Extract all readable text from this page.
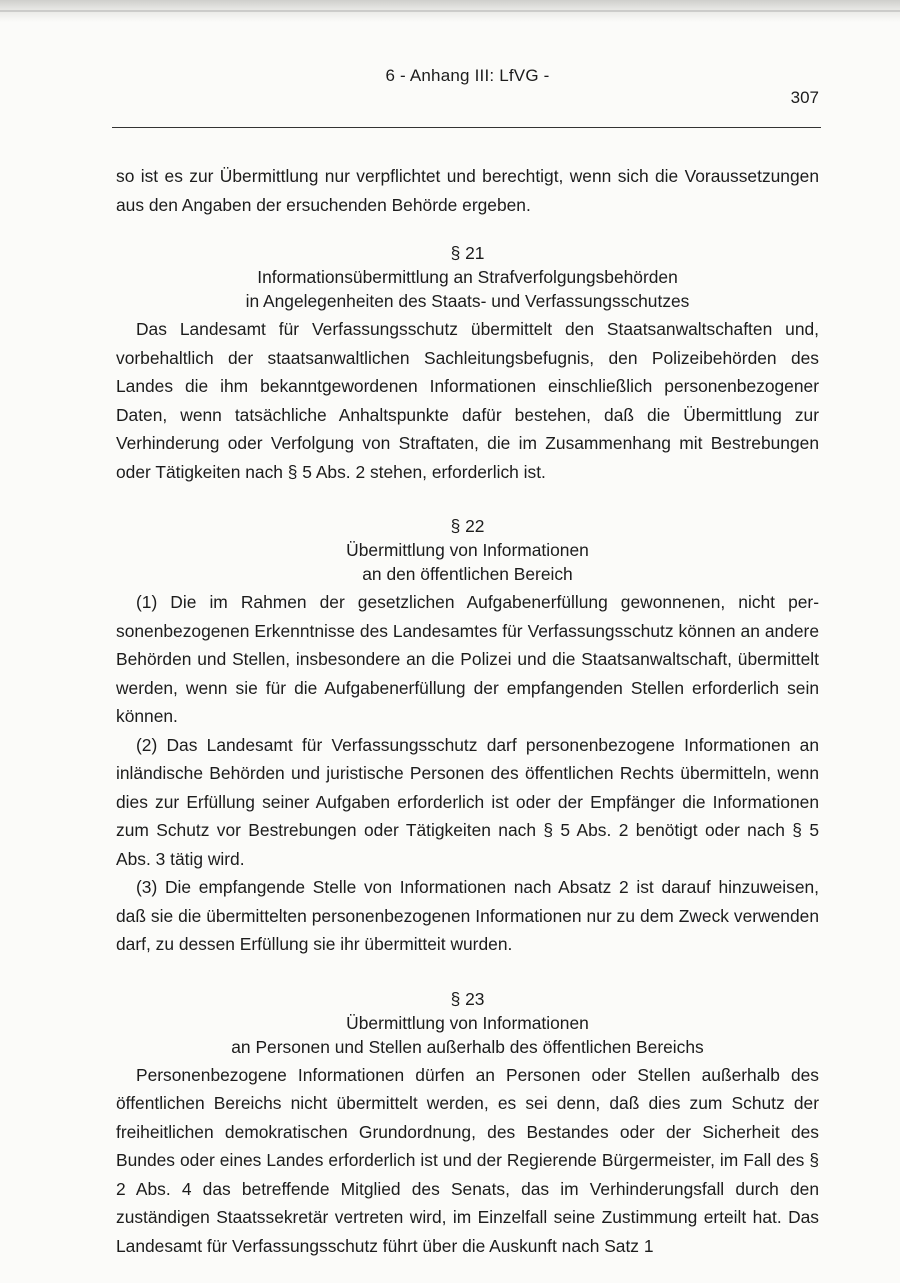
6 - Anhang III: LfVG -
307

so ist es zur Übermittlung nur verpflichtet und berechtigt, wenn sich die Voraussetzungen aus den Angaben der ersuchenden Behörde ergeben.

§ 21
Informationsübermittlung an Strafverfolgungsbehörden
in Angelegenheiten des Staats- und Verfassungsschutzes

Das Landesamt für Verfassungsschutz übermittelt den Staatsanwaltschaften und, vorbehaltlich der staatsanwaltlichen Sachleitungsbefugnis, den Polizeibehörden des Landes die ihm bekanntgewordenen Informationen einschließlich personenbezogener Daten, wenn tatsächliche Anhaltspunkte dafür bestehen, daß die Übermittlung zur Verhinderung oder Verfolgung von Straftaten, die im Zusammenhang mit Bestrebungen oder Tätigkeiten nach § 5 Abs. 2 stehen, erforderlich ist.

§ 22
Übermittlung von Informationen
an den öffentlichen Bereich

(1) Die im Rahmen der gesetzlichen Aufgabenerfüllung gewonnenen, nicht personenbezogenen Erkenntnisse des Landesamtes für Verfassungsschutz können an andere Behörden und Stellen, insbesondere an die Polizei und die Staatsanwaltschaft, übermittelt werden, wenn sie für die Aufgabenerfüllung der empfangenden Stellen erforderlich sein können.

(2) Das Landesamt für Verfassungsschutz darf personenbezogene Informationen an inländische Behörden und juristische Personen des öffentlichen Rechts übermitteln, wenn dies zur Erfüllung seiner Aufgaben erforderlich ist oder der Empfänger die Informationen zum Schutz vor Bestrebungen oder Tätigkeiten nach § 5 Abs. 2 benötigt oder nach § 5 Abs. 3 tätig wird.

(3) Die empfangende Stelle von Informationen nach Absatz 2 ist darauf hinzuweisen, daß sie die übermittelten personenbezogenen Informationen nur zu dem Zweck verwenden darf, zu dessen Erfüllung sie ihr übermitteit wurden.

§ 23
Übermittlung von Informationen
an Personen und Stellen außerhalb des öffentlichen Bereichs

Personenbezogene Informationen dürfen an Personen oder Stellen außerhalb des öffentlichen Bereichs nicht übermittelt werden, es sei denn, daß dies zum Schutz der freiheitlichen demokratischen Grundordnung, des Bestandes oder der Sicherheit des Bundes oder eines Landes erforderlich ist und der Regierende Bürgermeister, im Fall des § 2 Abs. 4 das betreffende Mitglied des Senats, das im Verhinderungsfall durch den zuständigen Staatssekretär vertreten wird, im Einzelfall seine Zustimmung erteilt hat. Das Landesamt für Verfassungsschutz führt über die Auskunft nach Satz 1
